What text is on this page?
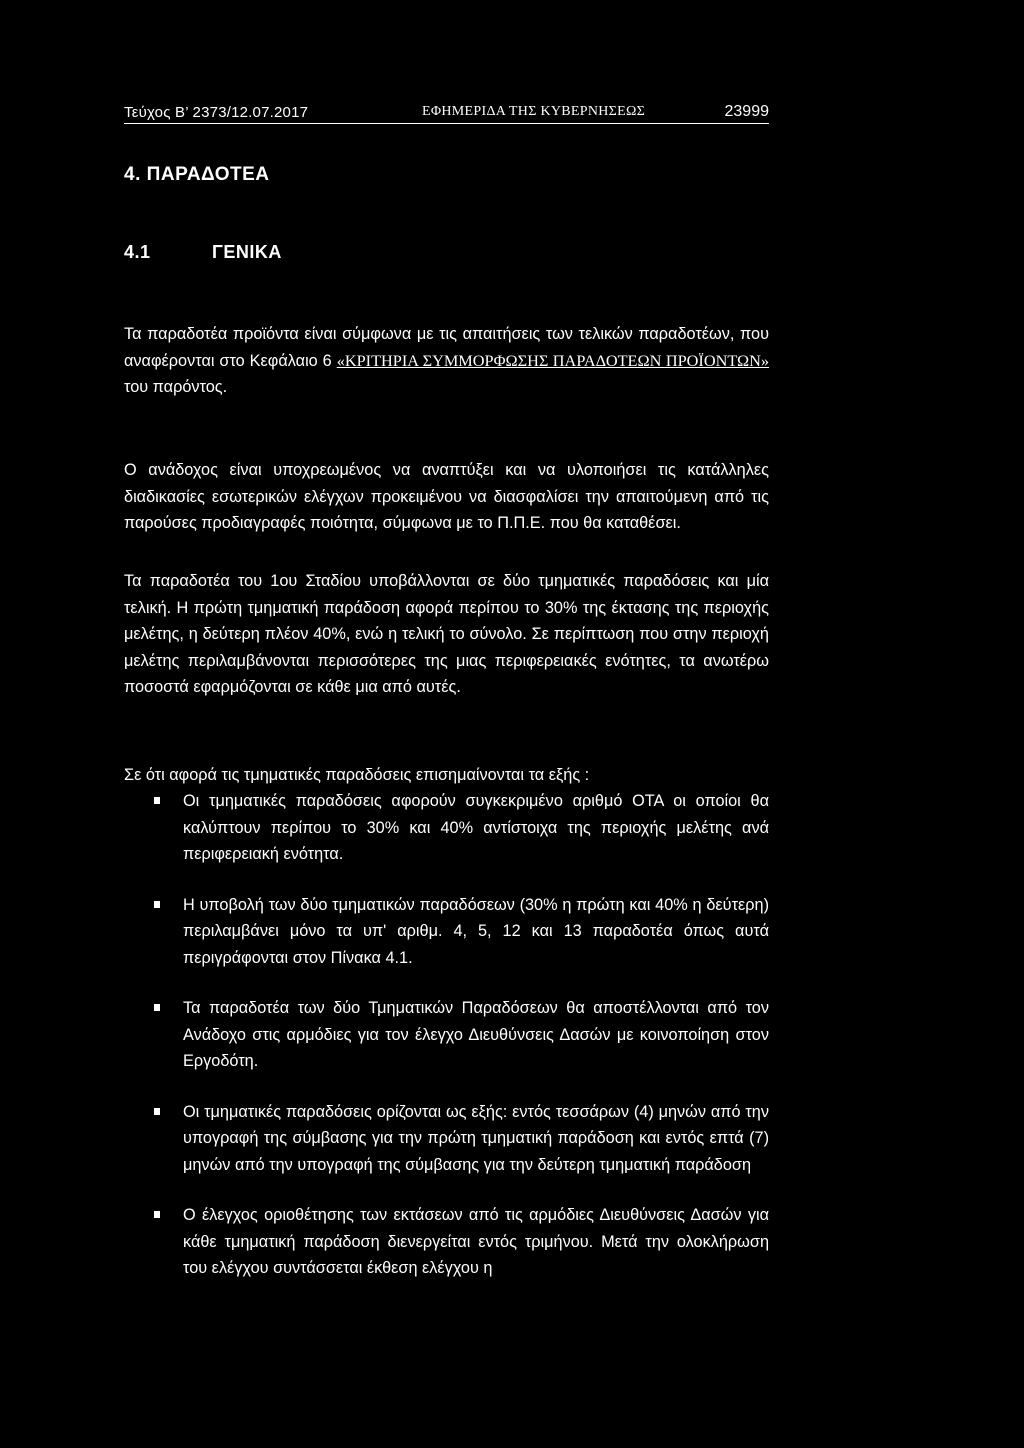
Τεύχος Β’ 2373/12.07.2017	ΕΦΗΜΕΡΙΔΑ ΤΗΣ ΚΥΒΕΡΝΗΣΕΩΣ	23999
4. ΠΑΡΑΔΟΤΕΑ
4.1	ΓΕΝΙΚΑ
Τα παραδοτέα προϊόντα είναι σύμφωνα με τις απαιτήσεις των τελικών παραδοτέων, που αναφέρονται στο Κεφάλαιο 6 «ΚΡΙΤΗΡΙΑ ΣΥΜΜΟΡΦΩΣΗΣ ΠΑΡΑΔΟΤΕΩΝ ΠΡΟΪΟΝΤΩΝ» του παρόντος.
Ο ανάδοχος είναι υποχρεωμένος να αναπτύξει και να υλοποιήσει τις κατάλληλες διαδικασίες εσωτερικών ελέγχων προκειμένου να διασφαλίσει την απαιτούμενη από τις παρούσες προδιαγραφές ποιότητα, σύμφωνα με το Π.Π.Ε. που θα καταθέσει.
Τα παραδοτέα του 1ου Σταδίου υποβάλλονται σε δύο τμηματικές παραδόσεις και μία τελική. Η πρώτη τμηματική παράδοση αφορά περίπου το 30% της έκτασης της περιοχής μελέτης, η δεύτερη πλέον 40%, ενώ η τελική το σύνολο. Σε περίπτωση που στην περιοχή μελέτης περιλαμβάνονται περισσότερες της μιας περιφερειακές ενότητες, τα ανωτέρω ποσοστά εφαρμόζονται σε κάθε μια από αυτές.
Σε ότι αφορά τις τμηματικές παραδόσεις επισημαίνονται τα εξής :
Οι τμηματικές παραδόσεις αφορούν συγκεκριμένο αριθμό ΟΤΑ οι οποίοι θα καλύπτουν περίπου το 30% και 40% αντίστοιχα της περιοχής μελέτης ανά περιφερειακή ενότητα.
Η υποβολή των δύο τμηματικών παραδόσεων (30% η πρώτη και 40% η δεύτερη) περιλαμβάνει μόνο τα υπ' αριθμ. 4, 5, 12 και 13 παραδοτέα όπως αυτά περιγράφονται στον Πίνακα 4.1.
Τα παραδοτέα των δύο Τμηματικών Παραδόσεων θα αποστέλλονται από τον Ανάδοχο στις αρμόδιες για τον έλεγχο Διευθύνσεις Δασών με κοινοποίηση στον Εργοδότη.
Οι τμηματικές παραδόσεις ορίζονται ως εξής: εντός τεσσάρων (4) μηνών από την υπογραφή της σύμβασης για την πρώτη τμηματική παράδοση και εντός επτά (7) μηνών από την υπογραφή της σύμβασης για την δεύτερη τμηματική παράδοση
Ο έλεγχος οριοθέτησης των εκτάσεων από τις αρμόδιες Διευθύνσεις Δασών για κάθε τμηματική παράδοση διενεργείται εντός τριμήνου. Μετά την ολοκλήρωση του ελέγχου συντάσσεται έκθεση ελέγχου η
